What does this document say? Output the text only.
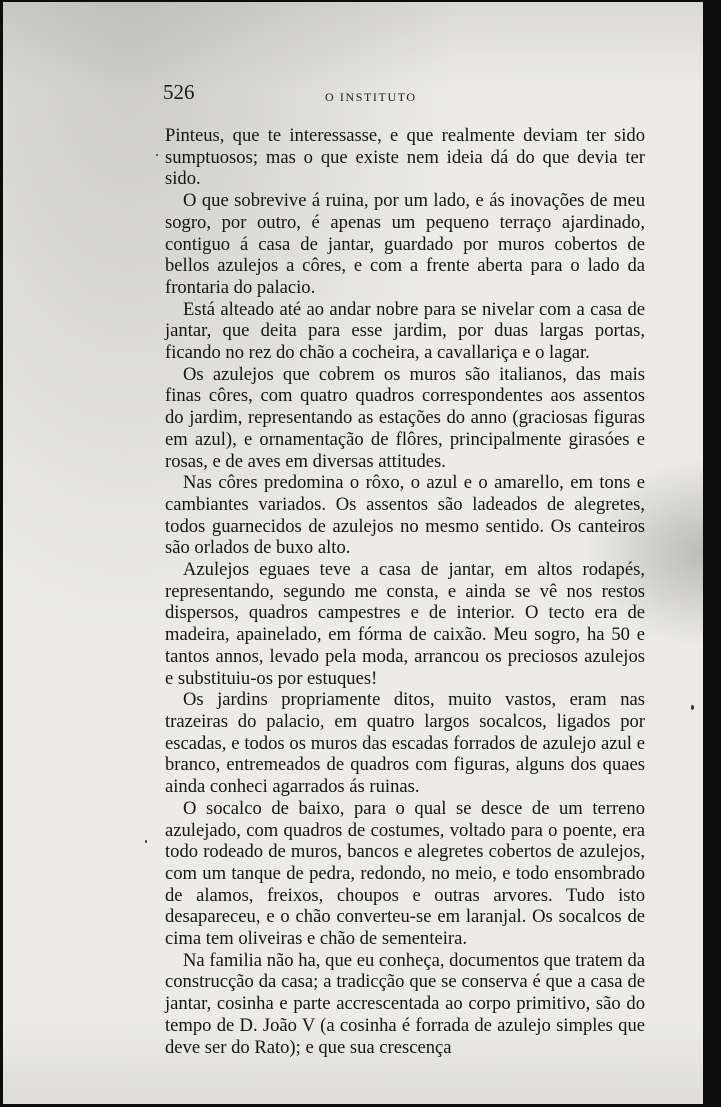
526	O INSTITUTO

Pinteus, que te interessasse, e que realmente deviam ter sido sumptuosos; mas o que existe nem ideia dá do que devia ter sido.

O que sobrevive á ruina, por um lado, e ás inovações de meu sogro, por outro, é apenas um pequeno terraço ajardinado, contiguo á casa de jantar, guardado por muros cobertos de bellos azulejos a côres, e com a frente aberta para o lado da frontaria do palacio.

Está alteado até ao andar nobre para se nivelar com a casa de jantar, que deita para esse jardim, por duas largas portas, ficando no rez do chão a cocheira, a cavallariça e o lagar.

Os azulejos que cobrem os muros são italianos, das mais finas côres, com quatro quadros correspondentes aos assentos do jardim, representando as estações do anno (graciosas figuras em azul), e ornamentação de flôres, principalmente girasóes e rosas, e de aves em diversas attitudes.

Nas côres predomina o rôxo, o azul e o amarello, em tons e cambiantes variados. Os assentos são ladeados de alegretes, todos guarnecidos de azulejos no mesmo sentido. Os canteiros são orlados de buxo alto.

Azulejos eguaes teve a casa de jantar, em altos rodapés, representando, segundo me consta, e ainda se vê nos restos dispersos, quadros campestres e de interior. O tecto era de madeira, apainelado, em fórma de caixão. Meu sogro, ha 50 e tantos annos, levado pela moda, arrancou os preciosos azulejos e substituiu-os por estuques!

Os jardins propriamente ditos, muito vastos, eram nas trazeiras do palacio, em quatro largos socalcos, ligados por escadas, e todos os muros das escadas forrados de azulejo azul e branco, entremeados de quadros com figuras, alguns dos quaes ainda conheci agarrados ás ruinas.

O socalco de baixo, para o qual se desce de um terreno azulejado, com quadros de costumes, voltado para o poente, era todo rodeado de muros, bancos e alegretes cobertos de azulejos, com um tanque de pedra, redondo, no meio, e todo ensombrado de alamos, freixos, choupos e outras arvores. Tudo isto desapareceu, e o chão converteu-se em laranjal. Os socalcos de cima tem oliveiras e chão de sementeira.

Na familia não ha, que eu conheça, documentos que tratem da construcção da casa; a tradicção que se conserva é que a casa de jantar, cosinha e parte accrescentada ao corpo primitivo, são do tempo de D. João V (a cosinha é forrada de azulejo simples que deve ser do Rato); e que sua crescença
